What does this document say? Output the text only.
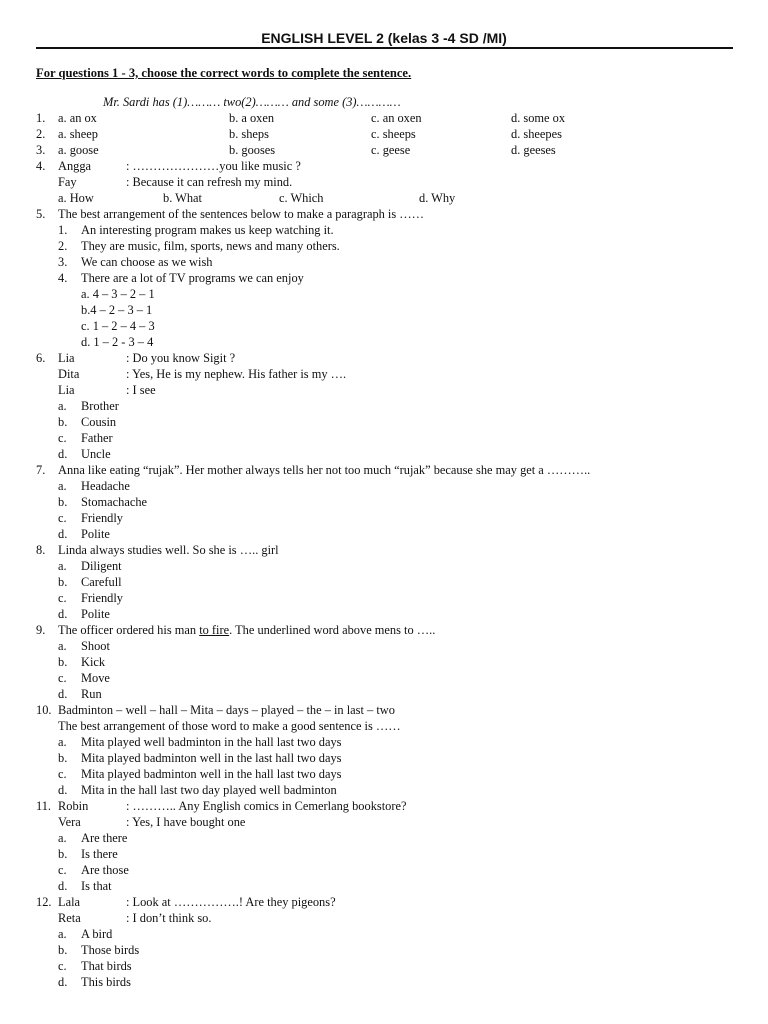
ENGLISH LEVEL 2 (kelas 3 -4 SD /MI)
For questions 1 - 3, choose the correct words to complete the sentence.
Mr. Sardi has (1)……… two(2)……… and some (3)…………
1. a. an ox	b. a oxen	c. an oxen	d. some ox
2. a. sheep	b. sheps	c. sheeps	d. sheepes
3. a. goose	b. gooses	c. geese	d. geeses
4. Angga	: …………………you like music ?
Fay	: Because it can refresh my mind.
a. How	b. What	c. Which	d. Why
5. The best arrangement of the sentences below to make a paragraph is ……
1. An interesting program makes us keep watching it.
2. They are music, film, sports, news and many others.
3. We can choose as we wish
4. There are a lot of TV programs we can enjoy
a. 4 – 3 – 2 – 1
b.4 – 2 – 3 – 1
c. 1 – 2 – 4 – 3
d. 1 – 2 - 3 – 4
6. Lia	: Do you know Sigit ?
Dita	: Yes, He is my nephew. His father is my ….
Lia	: I see
a. Brother
b. Cousin
c. Father
d. Uncle
7. Anna like eating “rujak”. Her mother always tells her not too much “rujak” because she may get a ………..
a. Headache
b. Stomachache
c. Friendly
d. Polite
8. Linda always studies well. So she is ….. girl
a. Diligent
b. Carefull
c. Friendly
d. Polite
9. The officer ordered his man to fire. The underlined word above mens to …..
a. Shoot
b. Kick
c. Move
d. Run
10. Badminton – well – hall – Mita – days – played – the – in last – two
The best arrangement of those word to make a good sentence is ……
a. Mita played well badminton in the hall last two days
b. Mita played badminton well in the last hall two days
c. Mita played badminton well in the hall last two days
d. Mita in the hall last two day played well badminton
11. Robin	: ……….. Any English comics in Cemerlang bookstore?
Vera	: Yes, I have bought one
a. Are there
b. Is there
c. Are those
d. Is that
12. Lala	: Look at …………….! Are they pigeons?
Reta	: I don’t think so.
a. A bird
b. Those birds
c. That birds
d. This birds
